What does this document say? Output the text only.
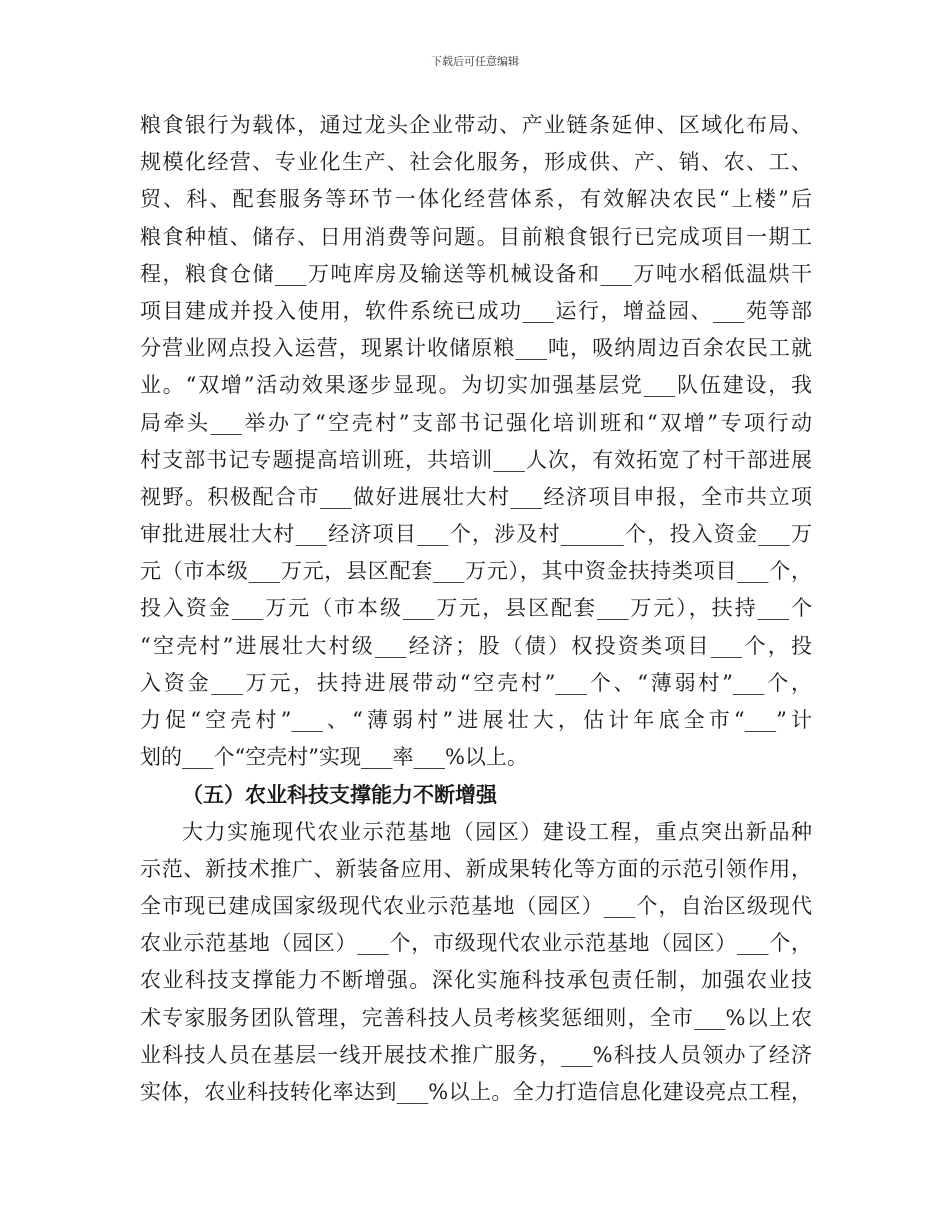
下载后可任意编辑
粮食银行为载体，通过龙头企业带动、产业链条延伸、区域化布局、
规模化经营、专业化生产、社会化服务，形成供、产、销、农、工、
贸、科、配套服务等环节一体化经营体系，有效解决农民“上楼”后
粮食种植、储存、日用消费等问题。目前粮食银行已完成项目一期工
程，粮食仓储___万吨库房及输送等机械设备和___万吨水稻低温烘干
项目建成并投入使用，软件系统已成功___运行，增益园、___苑等部
分营业网点投入运营，现累计收储原粮___吨，吸纳周边百余农民工就
业。“双增”活动效果逐步显现。为切实加强基层党___队伍建设，我
局牵头___举办了“空壳村”支部书记强化培训班和“双增”专项行动
村支部书记专题提高培训班，共培训___人次，有效拓宽了村干部进展
视野。积极配合市___做好进展壮大村___经济项目申报，全市共立项
审批进展壮大村___经济项目___个，涉及村______个，投入资金___万
元（市本级___万元，县区配套___万元），其中资金扶持类项目___个，
投入资金___万元（市本级___万元，县区配套___万元），扶持___个
“空壳村”进展壮大村级___经济；股（债）权投资类项目___个，投
入资金___万元，扶持进展带动“空壳村”___个、“薄弱村”___个，
力促“空壳村”___、“薄弱村”进展壮大，估计年底全市“___”计
划的___个“空壳村”实现___率___%以上。
（五）农业科技支撑能力不断增强
大力实施现代农业示范基地（园区）建设工程，重点突出新品种
示范、新技术推广、新装备应用、新成果转化等方面的示范引领作用，
全市现已建成国家级现代农业示范基地（园区）___个，自治区级现代
农业示范基地（园区）___个，市级现代农业示范基地（园区）___个，
农业科技支撑能力不断增强。深化实施科技承包责任制，加强农业技
术专家服务团队管理，完善科技人员考核奖惩细则，全市___%以上农
业科技人员在基层一线开展技术推广服务，___%科技人员领办了经济
实体，农业科技转化率达到___%以上。全力打造信息化建设亮点工程，
